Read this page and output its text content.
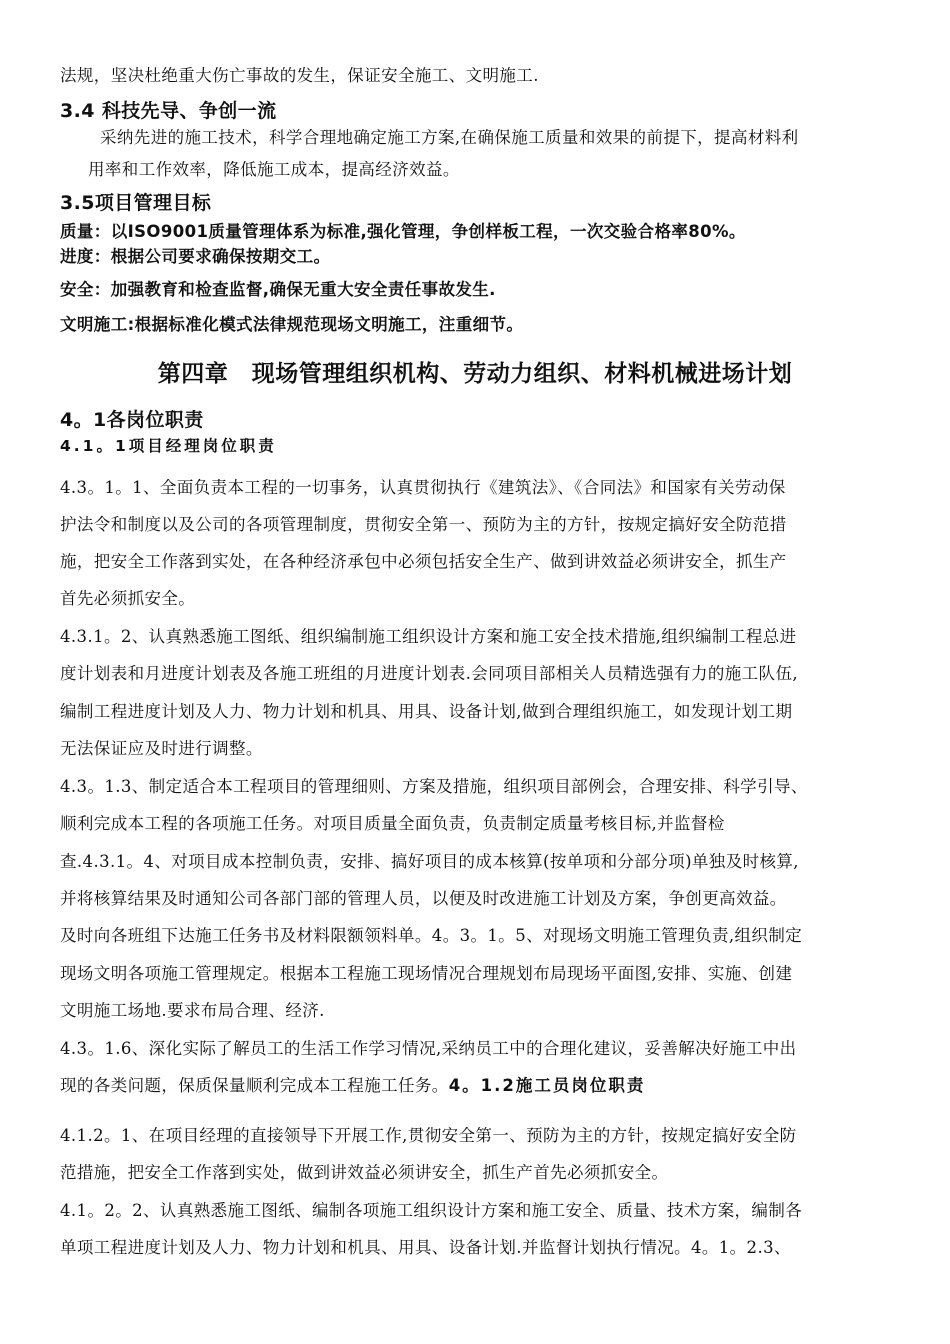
法规，坚决杜绝重大伤亡事故的发生，保证安全施工、文明施工.
3.4 科技先导、争创一流
采纳先进的施工技术，科学合理地确定施工方案,在确保施工质量和效果的前提下，提高材料利
用率和工作效率，降低施工成本，提高经济效益。
3.5项目管理目标
质量：以ISO9001质量管理体系为标准,强化管理，争创样板工程，一次交验合格率80%。
进度：根据公司要求确保按期交工。
安全：加强教育和检查监督,确保无重大安全责任事故发生.
文明施工:根据标准化模式法律规范现场文明施工，注重细节。
第四章　现场管理组织机构、劳动力组织、材料机械进场计划
4。1各岗位职责
4.1。1项目经理岗位职责
4.3。1。1、全面负责本工程的一切事务，认真贯彻执行《建筑法》、《合同法》和国家有关劳动保
护法令和制度以及公司的各项管理制度，贯彻安全第一、预防为主的方针，按规定搞好安全防范措
施，把安全工作落到实处，在各种经济承包中必须包括安全生产、做到讲效益必须讲安全，抓生产
首先必须抓安全。
4.3.1。2、认真熟悉施工图纸、组织编制施工组织设计方案和施工安全技术措施,组织编制工程总进
度计划表和月进度计划表及各施工班组的月进度计划表.会同项目部相关人员精选强有力的施工队伍,
编制工程进度计划及人力、物力计划和机具、用具、设备计划,做到合理组织施工，如发现计划工期
无法保证应及时进行调整。
4.3。1.3、制定适合本工程项目的管理细则、方案及措施，组织项目部例会，合理安排、科学引导、
顺利完成本工程的各项施工任务。对项目质量全面负责，负责制定质量考核目标,并监督检
查.4.3.1。4、对项目成本控制负责，安排、搞好项目的成本核算(按单项和分部分项)单独及时核算,
并将核算结果及时通知公司各部门部的管理人员，以便及时改进施工计划及方案，争创更高效益。
及时向各班组下达施工任务书及材料限额领料单。4。3。1。5、对现场文明施工管理负责,组织制定
现场文明各项施工管理规定。根据本工程施工现场情况合理规划布局现场平面图,安排、实施、创建
文明施工场地.要求布局合理、经济.
4.3。1.6、深化实际了解员工的生活工作学习情况,采纳员工中的合理化建议，妥善解决好施工中出
现的各类问题，保质保量顺利完成本工程施工任务。4。1.2施工员岗位职责
4.1.2。1、在项目经理的直接领导下开展工作,贯彻安全第一、预防为主的方针，按规定搞好安全防
范措施，把安全工作落到实处，做到讲效益必须讲安全，抓生产首先必须抓安全。
4.1。2。2、认真熟悉施工图纸、编制各项施工组织设计方案和施工安全、质量、技术方案，编制各
单项工程进度计划及人力、物力计划和机具、用具、设备计划.并监督计划执行情况。4。1。2.3、
